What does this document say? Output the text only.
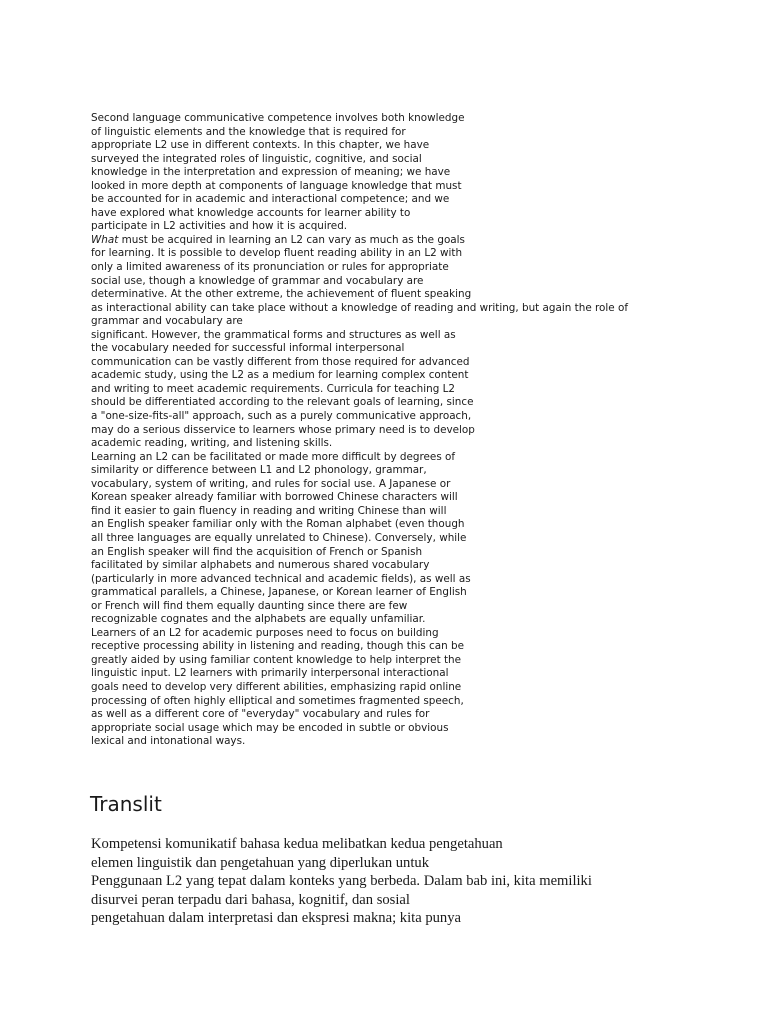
Second language communicative competence involves both knowledge
of linguistic elements and the knowledge that is required for
appropriate L2 use in different contexts. In this chapter, we have
surveyed the integrated roles of linguistic, cognitive, and social
knowledge in the interpretation and expression of meaning; we have
looked in more depth at components of language knowledge that must
be accounted for in academic and interactional competence; and we
have explored what knowledge accounts for learner ability to
participate in L2 activities and how it is acquired.
What must be acquired in learning an L2 can vary as much as the goals
for learning. It is possible to develop fluent reading ability in an L2 with
only a limited awareness of its pronunciation or rules for appropriate
social use, though a knowledge of grammar and vocabulary are
determinative. At the other extreme, the achievement of fluent speaking
as interactional ability can take place without a knowledge of reading and writing, but again the role of
grammar and vocabulary are
significant. However, the grammatical forms and structures as well as
the vocabulary needed for successful informal interpersonal
communication can be vastly different from those required for advanced
academic study, using the L2 as a medium for learning complex content
and writing to meet academic requirements. Curricula for teaching L2
should be differentiated according to the relevant goals of learning, since
a "one-size-fits-all" approach, such as a purely communicative approach,
may do a serious disservice to learners whose primary need is to develop
academic reading, writing, and listening skills.
Learning an L2 can be facilitated or made more difficult by degrees of
similarity or difference between L1 and L2 phonology, grammar,
vocabulary, system of writing, and rules for social use. A Japanese or
Korean speaker already familiar with borrowed Chinese characters will
find it easier to gain fluency in reading and writing Chinese than will
an English speaker familiar only with the Roman alphabet (even though
all three languages are equally unrelated to Chinese). Conversely, while
an English speaker will find the acquisition of French or Spanish
facilitated by similar alphabets and numerous shared vocabulary
(particularly in more advanced technical and academic fields), as well as
grammatical parallels, a Chinese, Japanese, or Korean learner of English
or French will find them equally daunting since there are few
recognizable cognates and the alphabets are equally unfamiliar.
Learners of an L2 for academic purposes need to focus on building
receptive processing ability in listening and reading, though this can be
greatly aided by using familiar content knowledge to help interpret the
linguistic input. L2 learners with primarily interpersonal interactional
goals need to develop very different abilities, emphasizing rapid online
processing of often highly elliptical and sometimes fragmented speech,
as well as a different core of "everyday" vocabulary and rules for
appropriate social usage which may be encoded in subtle or obvious
lexical and intonational ways.
Translit
Kompetensi komunikatif bahasa kedua melibatkan kedua pengetahuan
elemen linguistik dan pengetahuan yang diperlukan untuk
Penggunaan L2 yang tepat dalam konteks yang berbeda. Dalam bab ini, kita memiliki
disurvei peran terpadu dari bahasa, kognitif, dan sosial
pengetahuan dalam interpretasi dan ekspresi makna; kita punya
